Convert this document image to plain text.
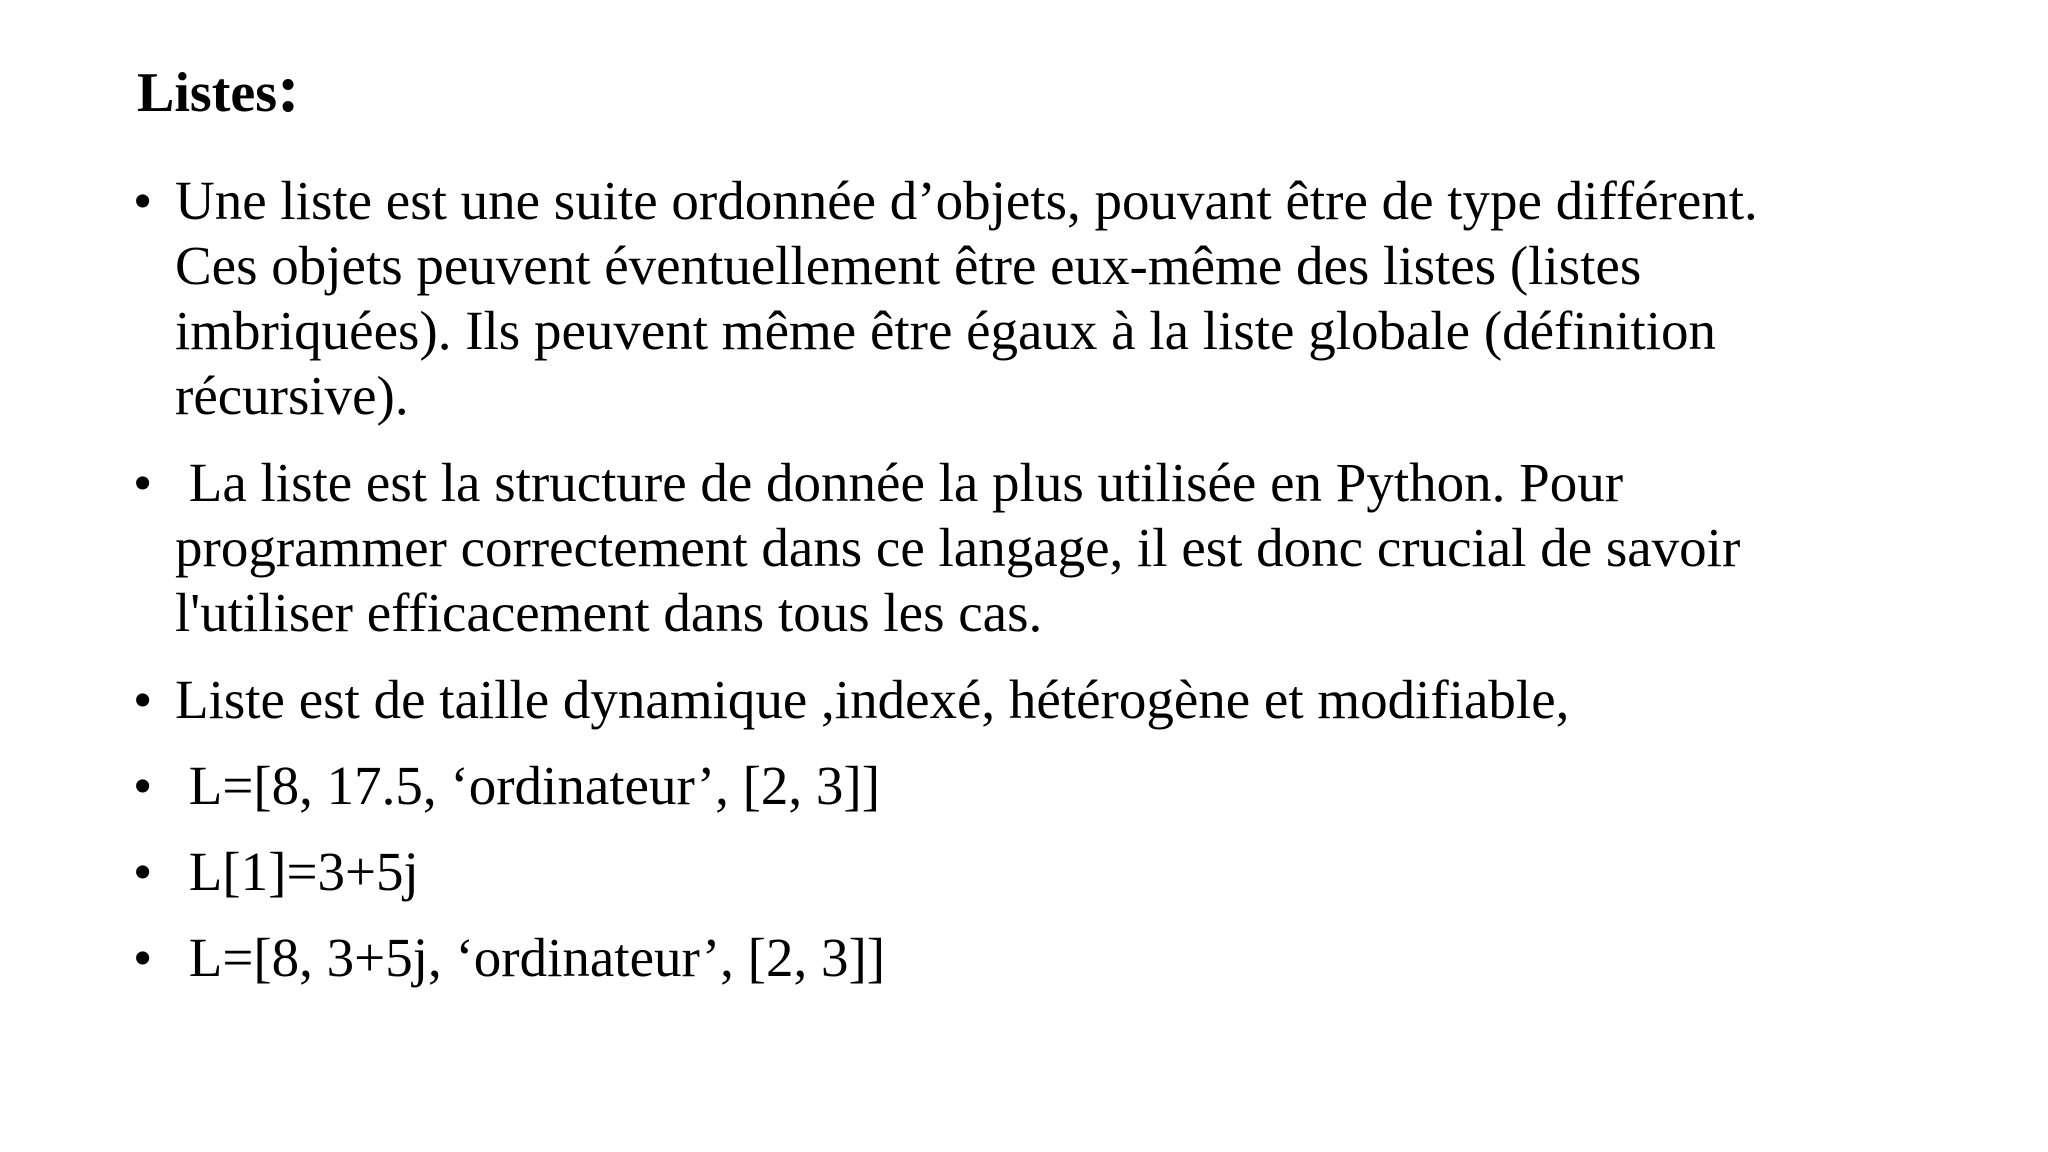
Listes:
• Une liste est une suite ordonnée d’objets, pouvant être de type différent.
Ces objets peuvent éventuellement être eux-même des listes (listes
imbriquées). Ils peuvent même être égaux à la liste globale (définition
récursive).
• La liste est la structure de donnée la plus utilisée en Python. Pour
programmer correctement dans ce langage, il est donc crucial de savoir
l'utiliser efficacement dans tous les cas.
• Liste est de taille dynamique ,indexé, hétérogène et modifiable,
• L=[8, 17.5, ‘ordinateur’, [2, 3]]
• L[1]=3+5j
• L=[8, 3+5j, ‘ordinateur’, [2, 3]]
